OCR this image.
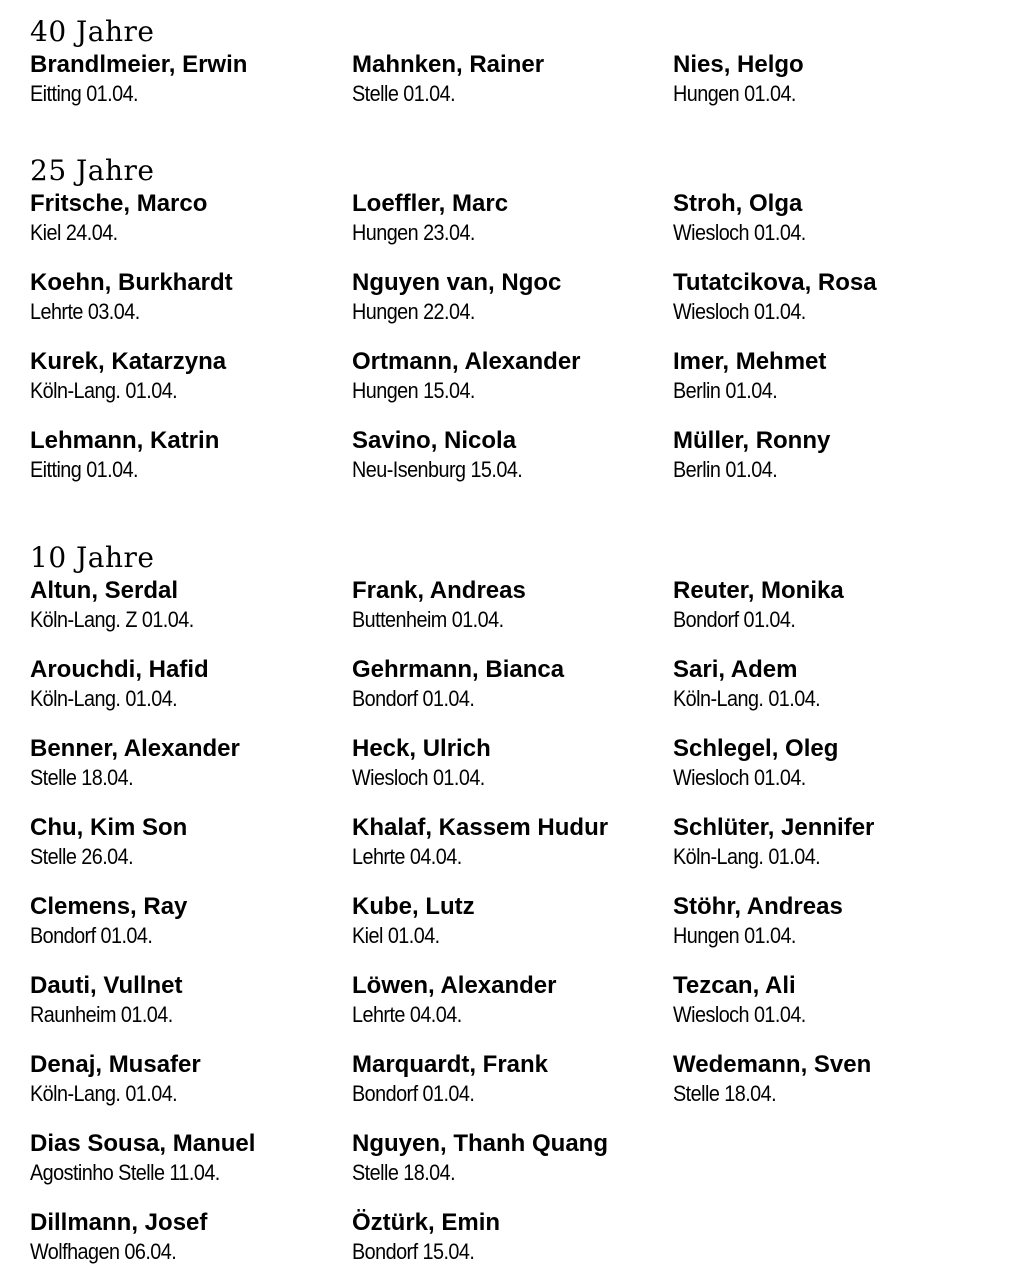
40 Jahre
Brandlmeier, Erwin
Eitting 01.04.
Mahnken, Rainer
Stelle 01.04.
Nies, Helgo
Hungen 01.04.
25 Jahre
Fritsche, Marco
Kiel 24.04.
Loeffler, Marc
Hungen 23.04.
Stroh, Olga
Wiesloch 01.04.
Koehn, Burkhardt
Lehrte 03.04.
Nguyen van, Ngoc
Hungen 22.04.
Tutatcikova, Rosa
Wiesloch 01.04.
Kurek, Katarzyna
Köln-Lang. 01.04.
Ortmann, Alexander
Hungen 15.04.
Imer, Mehmet
Berlin 01.04.
Lehmann, Katrin
Eitting 01.04.
Savino, Nicola
Neu-Isenburg 15.04.
Müller, Ronny
Berlin 01.04.
10 Jahre
Altun, Serdal
Köln-Lang. Z 01.04.
Frank, Andreas
Buttenheim 01.04.
Reuter, Monika
Bondorf 01.04.
Arouchdi, Hafid
Köln-Lang. 01.04.
Gehrmann, Bianca
Bondorf 01.04.
Sari, Adem
Köln-Lang. 01.04.
Benner, Alexander
Stelle 18.04.
Heck, Ulrich
Wiesloch 01.04.
Schlegel, Oleg
Wiesloch 01.04.
Chu, Kim Son
Stelle 26.04.
Khalaf, Kassem Hudur
Lehrte 04.04.
Schlüter, Jennifer
Köln-Lang. 01.04.
Clemens, Ray
Bondorf 01.04.
Kube, Lutz
Kiel 01.04.
Stöhr, Andreas
Hungen 01.04.
Dauti, Vullnet
Raunheim 01.04.
Löwen, Alexander
Lehrte 04.04.
Tezcan, Ali
Wiesloch 01.04.
Denaj, Musafer
Köln-Lang. 01.04.
Marquardt, Frank
Bondorf 01.04.
Wedemann, Sven
Stelle 18.04.
Dias Sousa, Manuel
Agostinho Stelle 11.04.
Nguyen, Thanh Quang
Stelle 18.04.
Dillmann, Josef
Wolfhagen 06.04.
Öztürk, Emin
Bondorf 15.04.
